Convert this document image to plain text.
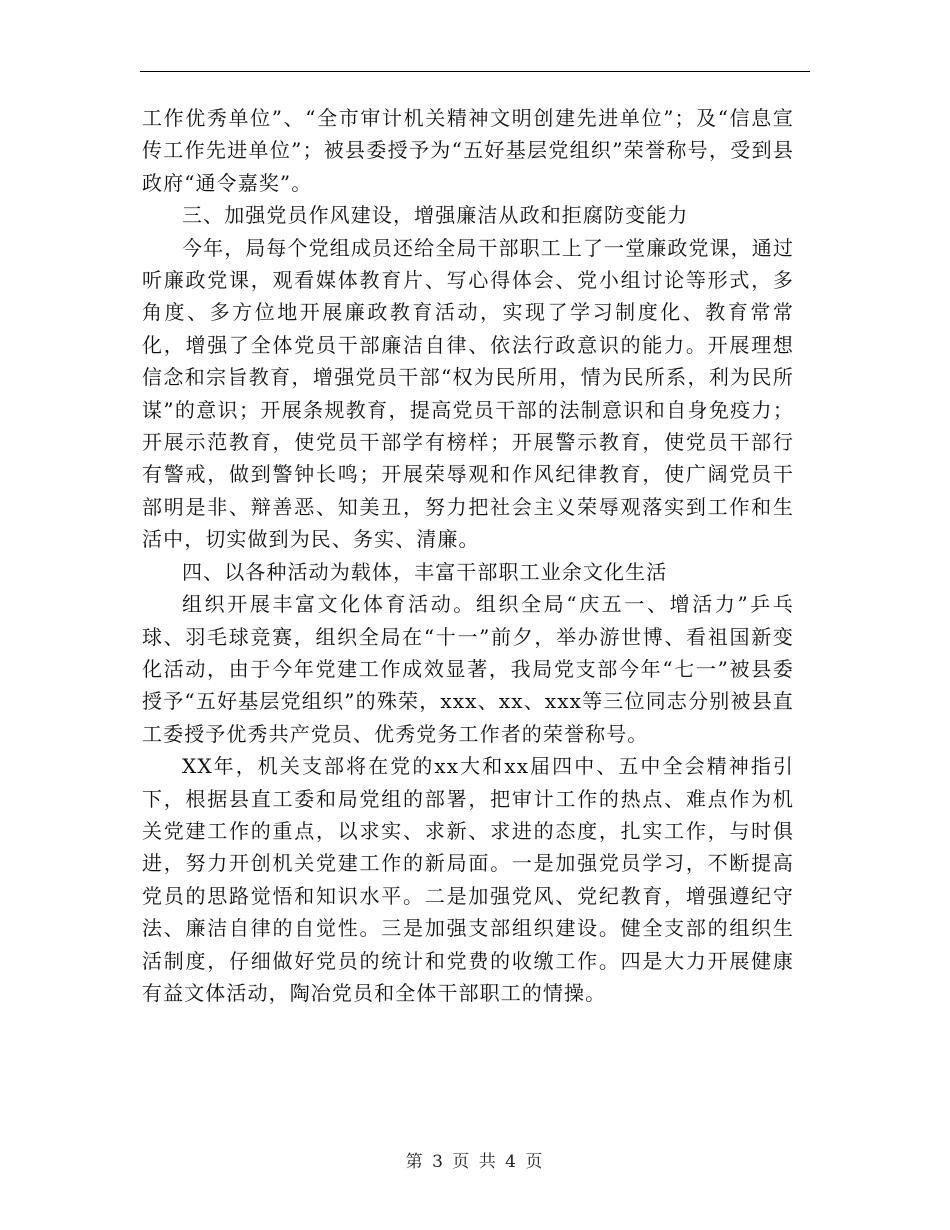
工作优秀单位”、“全市审计机关精神文明创建先进单位”；及“信息宣传工作先进单位”；被县委授予为“五好基层党组织”荣誉称号，受到县政府“通令嘉奖”。

三、加强党员作风建设，增强廉洁从政和拒腐防变能力

今年，局每个党组成员还给全局干部职工上了一堂廉政党课，通过听廉政党课，观看媒体教育片、写心得体会、党小组讨论等形式，多角度、多方位地开展廉政教育活动，实现了学习制度化、教育常常化，增强了全体党员干部廉洁自律、依法行政意识的能力。开展理想信念和宗旨教育，增强党员干部“权为民所用，情为民所系，利为民所谋”的意识；开展条规教育，提高党员干部的法制意识和自身免疫力；开展示范教育，使党员干部学有榜样；开展警示教育，使党员干部行有警戒，做到警钟长鸣；开展荣辱观和作风纪律教育，使广阔党员干部明是非、辩善恶、知美丑，努力把社会主义荣辱观落实到工作和生活中，切实做到为民、务实、清廉。

四、以各种活动为载体，丰富干部职工业余文化生活

组织开展丰富文化体育活动。组织全局“庆五一、增活力”乒乓球、羽毛球竞赛，组织全局在“十一”前夕，举办游世博、看祖国新变化活动，由于今年党建工作成效显著，我局党支部今年“七一”被县委授予“五好基层党组织”的殊荣，xxx、xx、xxx等三位同志分别被县直工委授予优秀共产党员、优秀党务工作者的荣誉称号。

XX年，机关支部将在党的xx大和xx届四中、五中全会精神指引下，根据县直工委和局党组的部署，把审计工作的热点、难点作为机关党建工作的重点，以求实、求新、求进的态度，扎实工作，与时俱进，努力开创机关党建工作的新局面。一是加强党员学习，不断提高党员的思路觉悟和知识水平。二是加强党风、党纪教育，增强遵纪守法、廉洁自律的自觉性。三是加强支部组织建设。健全支部的组织生活制度，仔细做好党员的统计和党费的收缴工作。四是大力开展健康有益文体活动，陶冶党员和全体干部职工的情操。

第 3 页 共 4 页
